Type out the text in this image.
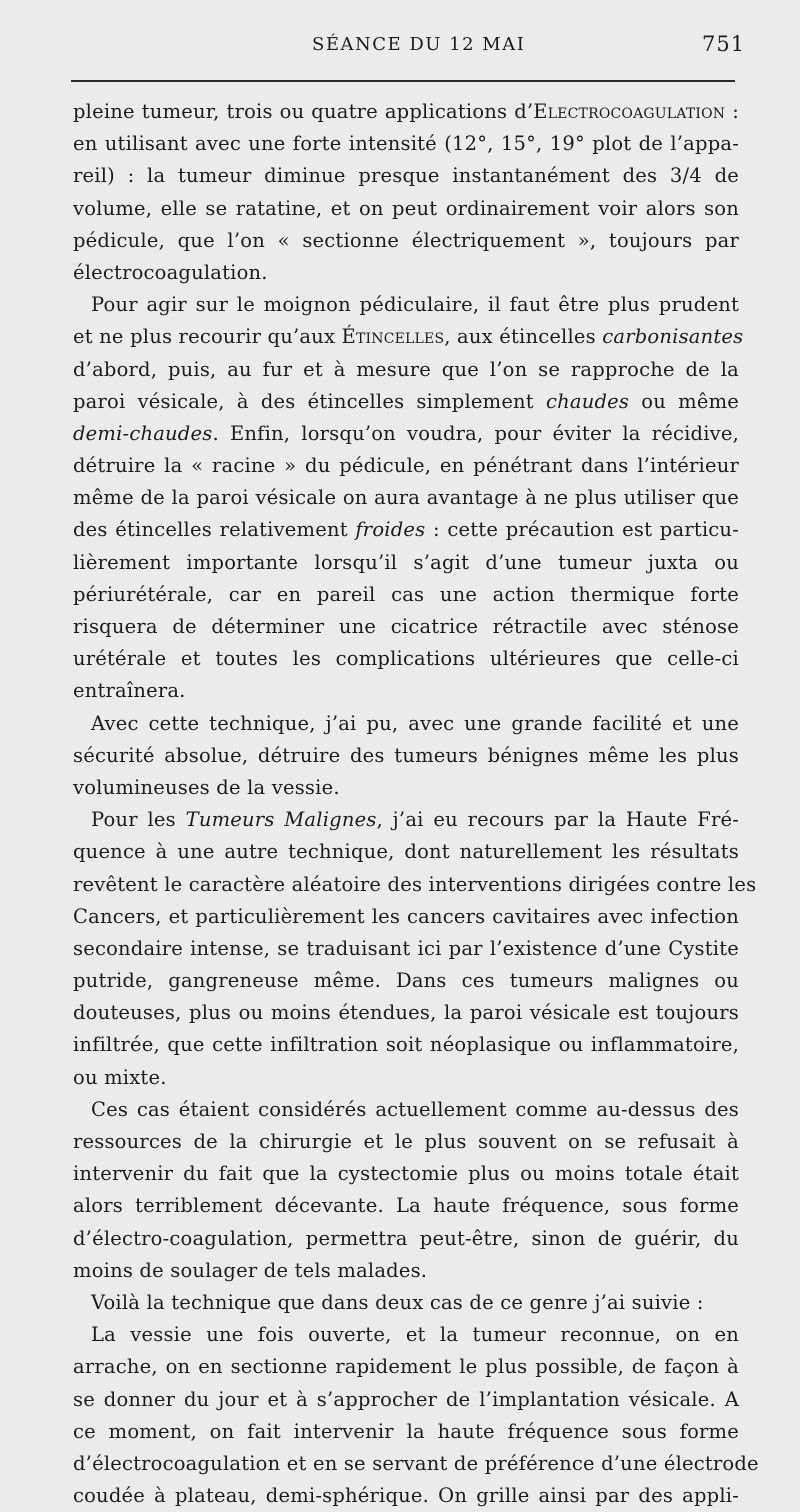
SÉANCE DU 12 MAI	751
pleine tumeur, trois ou quatre applications d’Electrocoagulation :
en utilisant avec une forte intensité (12°, 15°, 19° plot de l’appa-
reil) : la tumeur diminue presque instantanément des 3/4 de
volume, elle se ratatine, et on peut ordinairement voir alors son
pédicule, que l’on « sectionne électriquement », toujours par
électrocoagulation.
Pour agir sur le moignon pédiculaire, il faut être plus prudent
et ne plus recourir qu’aux Étincelles, aux étincelles carbonisantes
d’abord, puis, au fur et à mesure que l’on se rapproche de la
paroi vésicale, à des étincelles simplement chaudes ou même
demi-chaudes. Enfin, lorsqu’on voudra, pour éviter la récidive,
détruire la « racine » du pédicule, en pénétrant dans l’intérieur
même de la paroi vésicale on aura avantage à ne plus utiliser que
des étincelles relativement froides : cette précaution est particu-
lièrement importante lorsqu’il s’agit d’une tumeur juxta ou
périurétérale, car en pareil cas une action thermique forte
risquera de déterminer une cicatrice rétractile avec sténose
urétérale et toutes les complications ultérieures que celle-ci
entraînera.
Avec cette technique, j’ai pu, avec une grande facilité et une
sécurité absolue, détruire des tumeurs bénignes même les plus
volumineuses de la vessie.
Pour les Tumeurs Malignes, j’ai eu recours par la Haute Fré-
quence à une autre technique, dont naturellement les résultats
revêtent le caractère aléatoire des interventions dirigées contre les
Cancers, et particulièrement les cancers cavitaires avec infection
secondaire intense, se traduisant ici par l’existence d’une Cystite
putride, gangreneuse même. Dans ces tumeurs malignes ou
douteuses, plus ou moins étendues, la paroi vésicale est toujours
infiltrée, que cette infiltration soit néoplasique ou inflammatoire,
ou mixte.
Ces cas étaient considérés actuellement comme au-dessus des
ressources de la chirurgie et le plus souvent on se refusait à
intervenir du fait que la cystectomie plus ou moins totale était
alors terriblement décevante. La haute fréquence, sous forme
d’électro-coagulation, permettra peut-être, sinon de guérir, du
moins de soulager de tels malades.
Voilà la technique que dans deux cas de ce genre j’ai suivie :
La vessie une fois ouverte, et la tumeur reconnue, on en
arrache, on en sectionne rapidement le plus possible, de façon à
se donner du jour et à s’approcher de l’implantation vésicale. A
ce moment, on fait intervenir la haute fréquence sous forme
d’électrocoagulation et en se servant de préférence d’une électrode
coudée à plateau, demi-sphérique. On grille ainsi par des appli-
